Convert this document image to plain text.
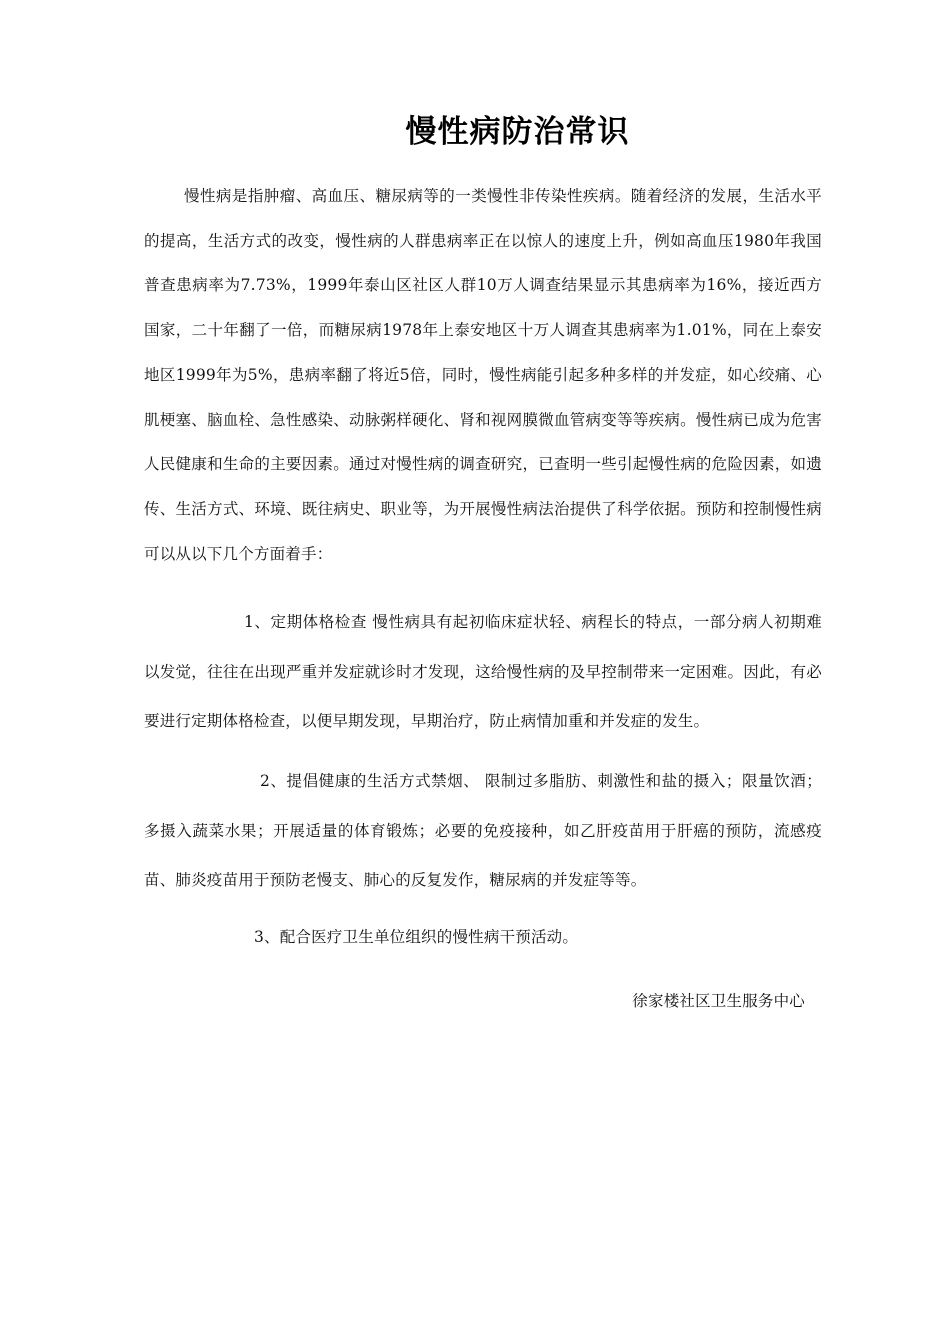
慢性病防治常识

慢性病是指肿瘤、高血压、糖尿病等的一类慢性非传染性疾病。随着经济的发展，生活水平的提高，生活方式的改变，慢性病的人群患病率正在以惊人的速度上升，例如高血压1980年我国普查患病率为7.73%，1999年泰山区社区人群10万人调查结果显示其患病率为16%，接近西方国家，二十年翻了一倍，而糖尿病1978年上泰安地区十万人调查其患病率为1.01%，同在上泰安地区1999年为5%，患病率翻了将近5倍，同时，慢性病能引起多种多样的并发症，如心绞痛、心肌梗塞、脑血栓、急性感染、动脉粥样硬化、肾和视网膜微血管病变等等疾病。慢性病已成为危害人民健康和生命的主要因素。通过对慢性病的调查研究，已查明一些引起慢性病的危险因素，如遗传、生活方式、环境、既往病史、职业等，为开展慢性病法治提供了科学依据。预防和控制慢性病可以从以下几个方面着手：

1、定期体格检查 慢性病具有起初临床症状轻、病程长的特点，一部分病人初期难以发觉，往往在出现严重并发症就诊时才发现，这给慢性病的及早控制带来一定困难。因此，有必要进行定期体格检查，以便早期发现，早期治疗，防止病情加重和并发症的发生。

2、提倡健康的生活方式禁烟、 限制过多脂肪、刺激性和盐的摄入；限量饮酒；多摄入蔬菜水果；开展适量的体育锻炼；必要的免疫接种，如乙肝疫苗用于肝癌的预防，流感疫苗、肺炎疫苗用于预防老慢支、肺心的反复发作，糖尿病的并发症等等。

3、配合医疗卫生单位组织的慢性病干预活动。

徐家楼社区卫生服务中心
